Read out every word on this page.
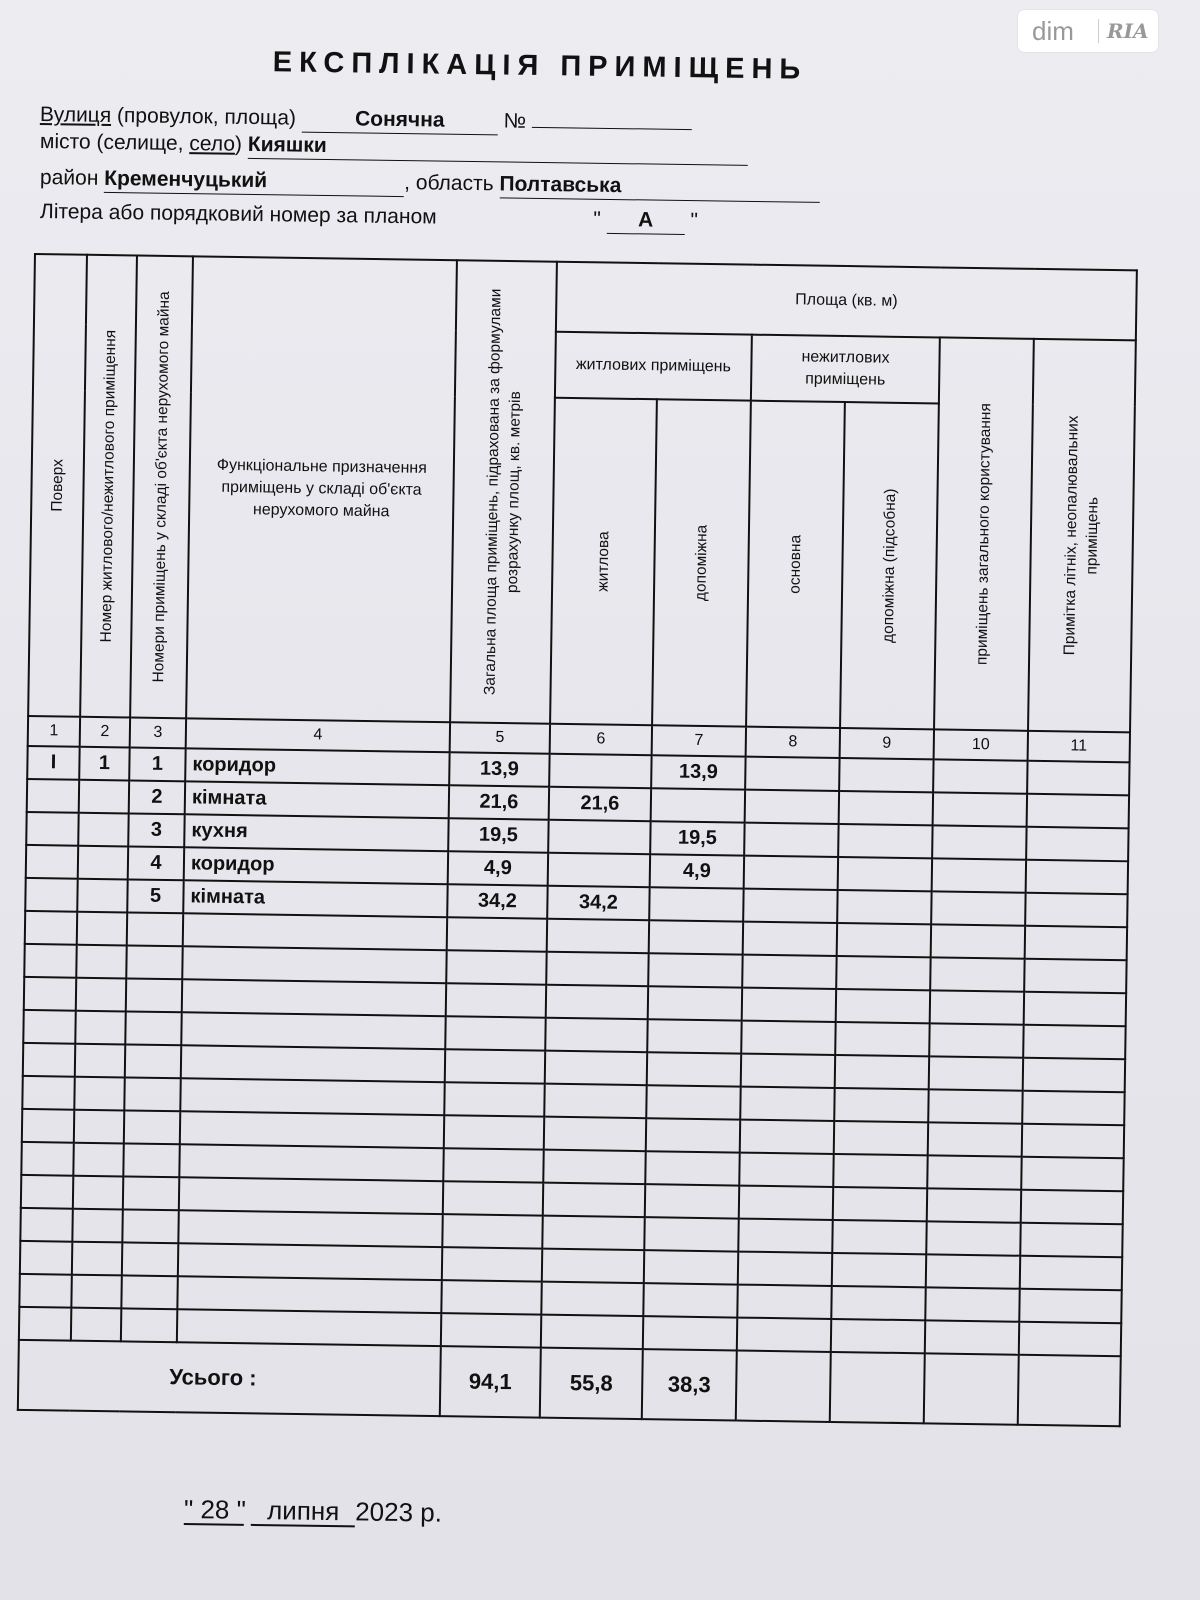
dim	RIA
ЕКСПЛІКАЦІЯ ПРИМІЩЕНЬ
Вулиця (провулок, площа)	Сонячна	№
місто (селище, село) Кияшки
район Кременчуцький	, область Полтавська
Літера або порядковий номер за планом	" А "
Поверх	Номер житлового/нежитлового приміщення	Номери приміщень у складі об'єкта нерухомого майна	Функціональне призначення приміщень у складі об'єкта нерухомого майна	Загальна площа приміщень, підрахована за формулами розрахунку площ, кв. метрів	Площа (кв. м)					
					житлових приміщень		нежитлових приміщень		приміщень загального користування	Примітка літніх, неопалювальних приміщень

					житлова	допоміжна	основна	допоміжна (підсобна)		

1	2	3	4	5	6	7	8	9	10	11
І	1	1	коридор	13,9		13,9				
		2	кімната	21,6	21,6					
		3	кухня	19,5		19,5				
		4	коридор	4,9		4,9				
		5	кімната	34,2	34,2					

Усього :				94,1	55,8	38,3				
" 28 " липня 2023 р.
